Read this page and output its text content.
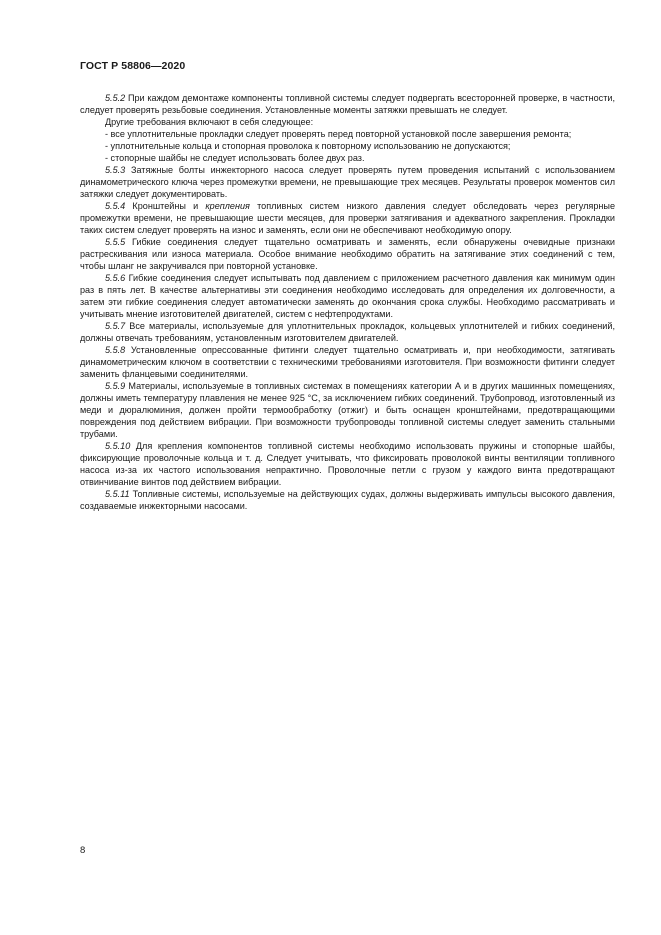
ГОСТ Р 58806—2020

5.5.2 При каждом демонтаже компоненты топливной системы следует подвергать всесторонней проверке, в частности, следует проверять резьбовые соединения. Установленные моменты затяжки превышать не следует.

Другие требования включают в себя следующее:

- все уплотнительные прокладки следует проверять перед повторной установкой после завершения ремонта;

- уплотнительные кольца и стопорная проволока к повторному использованию не допускаются;

- стопорные шайбы не следует использовать более двух раз.

5.5.3 Затяжные болты инжекторного насоса следует проверять путем проведения испытаний с использованием динамометрического ключа через промежутки времени, не превышающие трех месяцев. Результаты проверок моментов сил затяжки следует документировать.

5.5.4 Кронштейны и крепления топливных систем низкого давления следует обследовать через регулярные промежутки времени, не превышающие шести месяцев, для проверки затягивания и адекватного закрепления. Прокладки таких систем следует проверять на износ и заменять, если они не обеспечивают необходимую опору.

5.5.5 Гибкие соединения следует тщательно осматривать и заменять, если обнаружены очевидные признаки растрескивания или износа материала. Особое внимание необходимо обратить на затягивание этих соединений с тем, чтобы шланг не закручивался при повторной установке.

5.5.6 Гибкие соединения следует испытывать под давлением с приложением расчетного давления как минимум один раз в пять лет. В качестве альтернативы эти соединения необходимо исследовать для определения их долговечности, а затем эти гибкие соединения следует автоматически заменять до окончания срока службы. Необходимо рассматривать и учитывать мнение изготовителей двигателей, систем с нефтепродуктами.

5.5.7 Все материалы, используемые для уплотнительных прокладок, кольцевых уплотнителей и гибких соединений, должны отвечать требованиям, установленным изготовителем двигателей.

5.5.8 Установленные опрессованные фитинги следует тщательно осматривать и, при необходимости, затягивать динамометрическим ключом в соответствии с техническими требованиями изготовителя. При возможности фитинги следует заменить фланцевыми соединителями.

5.5.9 Материалы, используемые в топливных системах в помещениях категории А и в других машинных помещениях, должны иметь температуру плавления не менее 925 °С, за исключением гибких соединений. Трубопровод, изготовленный из меди и дюралюминия, должен пройти термообработку (отжиг) и быть оснащен кронштейнами, предотвращающими повреждения под действием вибрации. При возможности трубопроводы топливной системы следует заменить стальными трубами.

5.5.10 Для крепления компонентов топливной системы необходимо использовать пружины и стопорные шайбы, фиксирующие проволочные кольца и т. д. Следует учитывать, что фиксировать проволокой винты вентиляции топливного насоса из-за их частого использования непрактично. Проволочные петли с грузом у каждого винта предотвращают отвинчивание винтов под действием вибрации.

5.5.11 Топливные системы, используемые на действующих судах, должны выдерживать импульсы высокого давления, создаваемые инжекторными насосами.

8
